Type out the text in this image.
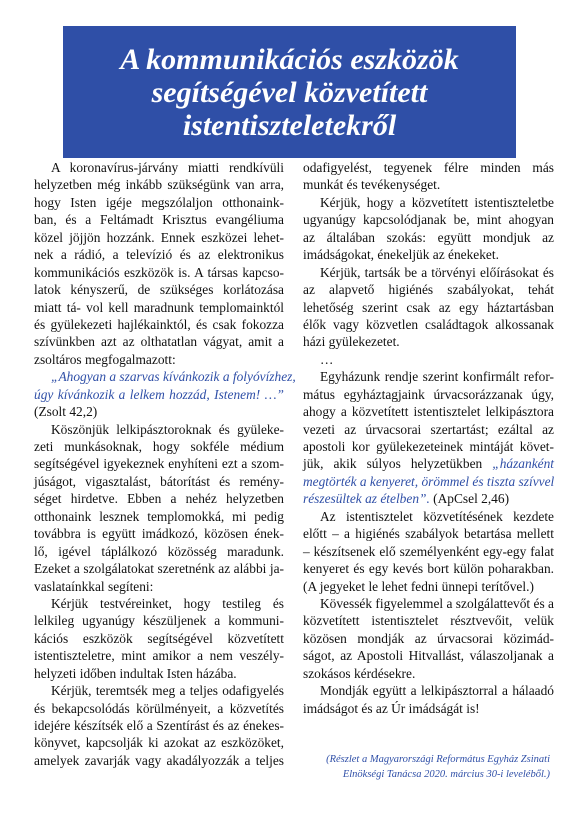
A kommunikációs eszközök
segítségével közvetített
istentiszteletekről
A koronavírus-járvány miatti rendkívüli
helyzetben még inkább szükségünk van arra,
hogy Isten igéje megszólaljon otthonaink-
ban, és a Feltámadt Krisztus evangéliuma
közel jöjjön hozzánk. Ennek eszközei lehet-
nek a rádió, a televízió és az elektronikus
kommunikációs eszközök is. A társas kapcso-
latok kényszerű, de szükséges korlátozása
miatt tá- vol kell maradnunk templomainktól
és gyülekezeti hajlékainktól, és csak fokozza
szívünkben azt az olthatatlan vágyat, amit a
zsoltáros megfogalmazott:
„Ahogyan a szarvas kívánkozik a folyóvízhez,
úgy kívánkozik a lelkem hozzád, Istenem! …”
(Zsolt 42,2)
Köszönjük lelkipásztoroknak és gyüleke-
zeti munkásoknak, hogy sokféle médium
segítségével igyekeznek enyhíteni ezt a szom-
júságot, vigasztalást, bátorítást és remény-
séget hirdetve. Ebben a nehéz helyzetben
otthonaink lesznek templomokká, mi pedig
továbbra is együtt imádkozó, közösen ének-
lő, igével táplálkozó közösség maradunk.
Ezeket a szolgálatokat szeretnénk az alábbi ja-
vaslataínkkal segíteni:
Kérjük testvéreinket, hogy testileg és
lelkileg ugyanúgy készüljenek a kommuni-
kációs eszközök segítségével közvetített
istentiszteletre, mint amikor a nem veszély-
helyzeti időben indultak Isten házába.
Kérjük, teremtsék meg a teljes odafigyelés
és bekapcsolódás körülményeit, a közvetítés
idejére készítsék elő a Szentírást és az énekes-
könyvet, kapcsolják ki azokat az eszközöket,
amelyek zavarják vagy akadályozzák a teljes
odafigyelést, tegyenek félre minden más
munkát és tevékenységet.
Kérjük, hogy a közvetített istentiszteletbe
ugyanúgy kapcsolódjanak be, mint ahogyan
az általában szokás: együtt mondjuk az
imádságokat, énekeljük az énekeket.
Kérjük, tartsák be a törvényi előírásokat és
az alapvető higiénés szabályokat, tehát
lehetőség szerint csak az egy háztartásban
élők vagy közvetlen családtagok alkossanak
házi gyülekezetet.
…
Egyházunk rendje szerint konfirmált refor-
mátus egyháztagjaink úrvacsorázzanak úgy,
ahogy a közvetített istentisztelet lelkipásztora
vezeti az úrvacsorai szertartást; ezáltal az
apostoli kor gyülekezeteinek mintáját követ-
jük, akik súlyos helyzetükben „házanként
megtörték a kenyeret, örömmel és tiszta szívvel
részesültek az ételben”. (ApCsel 2,46)
Az istentisztelet közvetítésének kezdete
előtt – a higiénés szabályok betartása mellett
– készítsenek elő személyenként egy-egy falat
kenyeret és egy kevés bort külön poharakban.
(A jegyeket le lehet fedni ünnepi terítővel.)
Kövessék figyelemmel a szolgálattevőt és a
közvetített istentisztelet résztvevőit, velük
közösen mondják az úrvacsorai közimád-
ságot, az Apostoli Hitvallást, válaszoljanak a
szokásos kérdésekre.
Mondják együtt a lelkipásztorral a hálaadó
imádságot és az Úr imádságát is!
(Részlet a Magyarországi Református Egyház Zsinati
Elnökségi Tanácsa 2020. március 30-i leveléből.)
